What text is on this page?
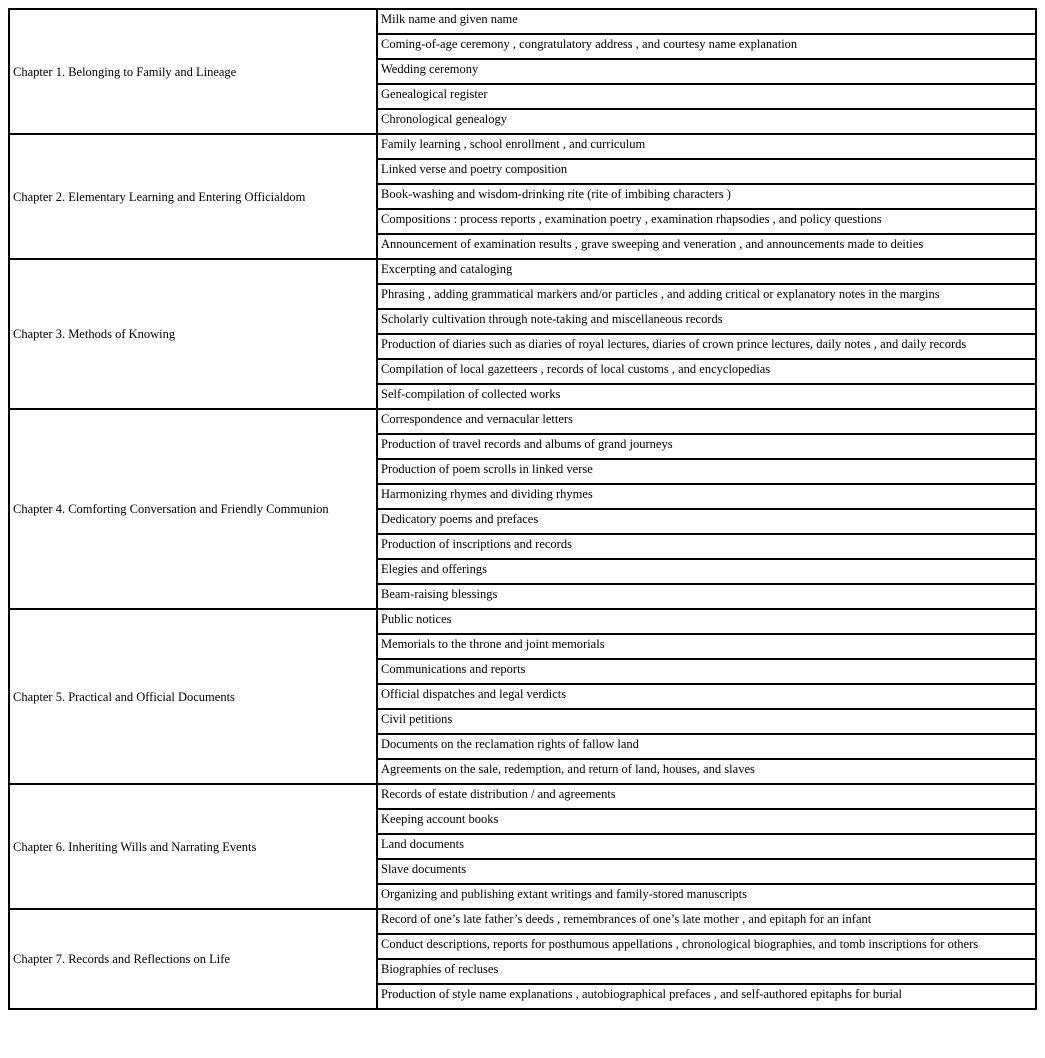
Chapter 1. Belonging to Family and Lineage	Milk name and given name
	Coming-of-age ceremony , congratulatory address , and courtesy name explanation
	Wedding ceremony
	Genealogical register
	Chronological genealogy
Chapter 2. Elementary Learning and Entering Officialdom	Family learning , school enrollment , and curriculum
	Linked verse and poetry composition
	Book-washing and wisdom-drinking rite (rite of imbibing characters )
	Compositions : process reports , examination poetry , examination rhapsodies , and policy questions
	Announcement of examination results , grave sweeping and veneration , and announcements made to deities
Chapter 3. Methods of Knowing	Excerpting and cataloging
	Phrasing , adding grammatical markers and/or particles , and adding critical or explanatory notes in the margins
	Scholarly cultivation through note-taking and miscellaneous records
	Production of diaries such as diaries of royal lectures, diaries of crown prince lectures, daily notes , and daily records
	Compilation of local gazetteers , records of local customs , and encyclopedias
	Self-compilation of collected works
Chapter 4. Comforting Conversation and Friendly Communion	Correspondence and vernacular letters
	Production of travel records and albums of grand journeys
	Production of poem scrolls in linked verse
	Harmonizing rhymes and dividing rhymes
	Dedicatory poems and prefaces
	Production of inscriptions and records
	Elegies and offerings
	Beam-raising blessings
Chapter 5. Practical and Official Documents	Public notices
	Memorials to the throne and joint memorials
	Communications and reports
	Official dispatches and legal verdicts
	Civil petitions
	Documents on the reclamation rights of fallow land
	Agreements on the sale, redemption, and return of land, houses, and slaves
Chapter 6. Inheriting Wills and Narrating Events	Records of estate distribution / and agreements
	Keeping account books
	Land documents
	Slave documents
	Organizing and publishing extant writings and family-stored manuscripts
Chapter 7. Records and Reflections on Life	Record of one’s late father’s deeds , remembrances of one’s late mother , and epitaph for an infant
	Conduct descriptions, reports for posthumous appellations , chronological biographies, and tomb inscriptions for others
	Biographies of recluses
	Production of style name explanations , autobiographical prefaces , and self-authored epitaphs for burial
